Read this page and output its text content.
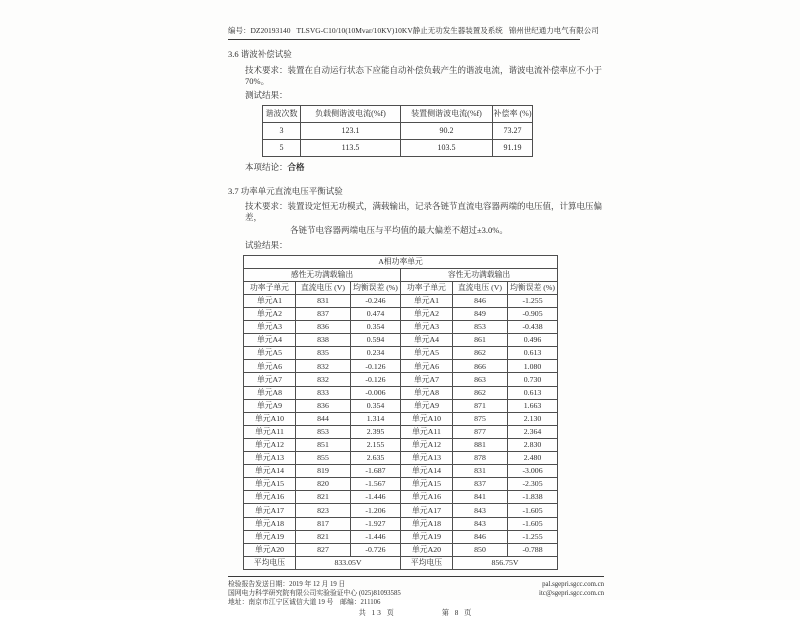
编号：DZ20193140 TLSVG-C10/10(10Mvar/10KV)10KV静止无功发生器装置及系统 锦州世纪通力电气有限公司
3.6 谐波补偿试验
技术要求：装置在自动运行状态下应能自动补偿负载产生的谐波电流，谐波电流补偿率应不小于 70%。
测试结果：
谐波次数	负载侧谐波电流(%f)	装置侧谐波电流(%f)	补偿率 (%)
3	123.1	90.2	73.27
5	113.5	103.5	91.19
本项结论：合格
3.7 功率单元直流电压平衡试验
技术要求：装置设定恒无功模式，满载输出，记录各链节直流电容器两端的电压值，计算电压偏差，
各链节电容器两端电压与平均值的最大偏差不超过±3.0%。
试验结果：
A相功率单元					
感性无功满载输出			容性无功满载输出		
功率子单元	直流电压 (V)	均衡误差 (%)	功率子单元	直流电压 (V)	均衡误差 (%)
单元A1	831	-0.246	单元A1	846	-1.255
单元A2	837	0.474	单元A2	849	-0.905
单元A3	836	0.354	单元A3	853	-0.438
单元A4	838	0.594	单元A4	861	0.496
单元A5	835	0.234	单元A5	862	0.613
单元A6	832	-0.126	单元A6	866	1.080
单元A7	832	-0.126	单元A7	863	0.730
单元A8	833	-0.006	单元A8	862	0.613
单元A9	836	0.354	单元A9	871	1.663
单元A10	844	1.314	单元A10	875	2.130
单元A11	853	2.395	单元A11	877	2.364
单元A12	851	2.155	单元A12	881	2.830
单元A13	855	2.635	单元A13	878	2.480
单元A14	819	-1.687	单元A14	831	-3.006
单元A15	820	-1.567	单元A15	837	-2.305
单元A16	821	-1.446	单元A16	841	-1.838
单元A17	823	-1.206	单元A17	843	-1.605
单元A18	817	-1.927	单元A18	843	-1.605
单元A19	821	-1.446	单元A19	846	-1.255
单元A20	827	-0.726	单元A20	850	-0.788
平均电压	833.05V		平均电压	856.75V	
检验报告发送日期：2019 年 12 月 19 日
国网电力科学研究院有限公司实验验证中心 (025)81093585
地址：南京市江宁区诚信大道 19 号　邮编：211106
pal.sgepri.sgcc.com.cn
itc@sgepri.sgcc.com.cn
共 13 页	第 8 页
